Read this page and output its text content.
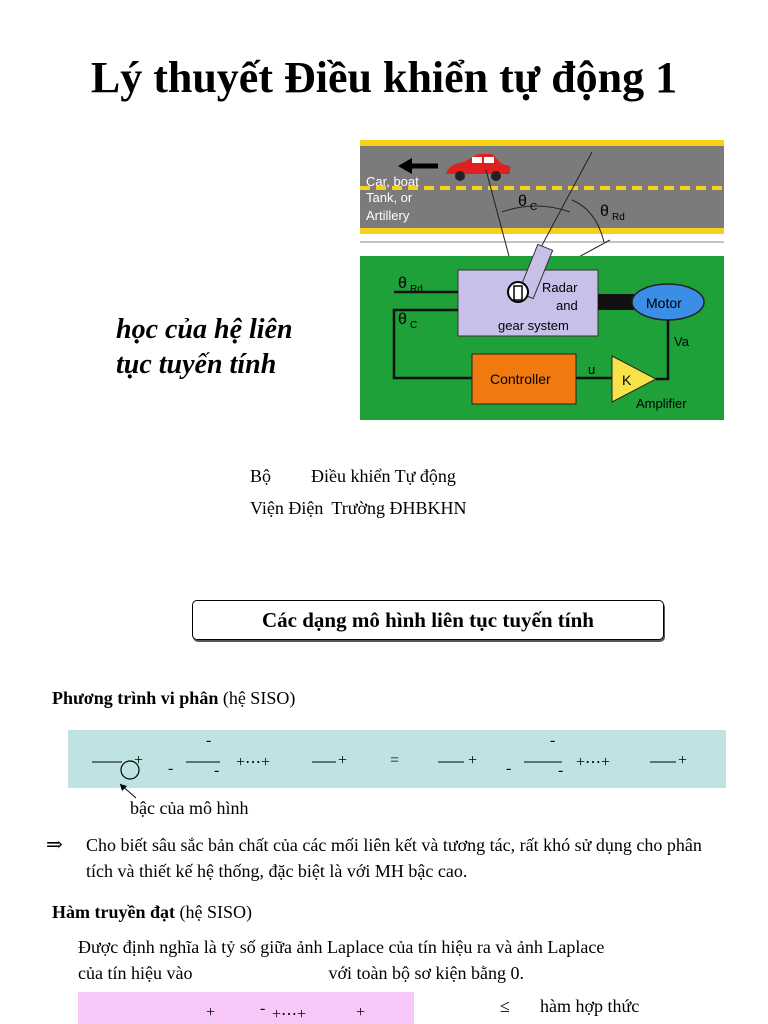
Lý thuyết Điều khiển tự động 1
học của hệ liên
tục tuyến tính
Car, boat
Tank, or
Artillery
θ C	θ Rd
Radar
and
gear system
Motor
θ Rd
θ C
Controller
u
K
Amplifier
Va
Bộ Điều khiển Tự động
Viện Điện Trường ĐHBKHN
Các dạng mô hình liên tục tuyến tính
Phương trình vi phân (hệ SISO)
+ -
-
- +⋯+	+	=	+ -
-
- +⋯+	+
bậc của mô hình
⇒ Cho biết sâu sắc bản chất của các mối liên kết và tương tác, rất khó sử dụng cho phân tích và thiết kế hệ thống, đặc biệt là với MH bậc cao.
Hàm truyền đạt (hệ SISO)
Được định nghĩa là tỷ số giữa ảnh Laplace của tín hiệu ra và ảnh Laplace
của tín hiệu vào	với toàn bộ sơ kiện bằng 0.
+	- +⋯+	+	≤ hàm hợp thức
